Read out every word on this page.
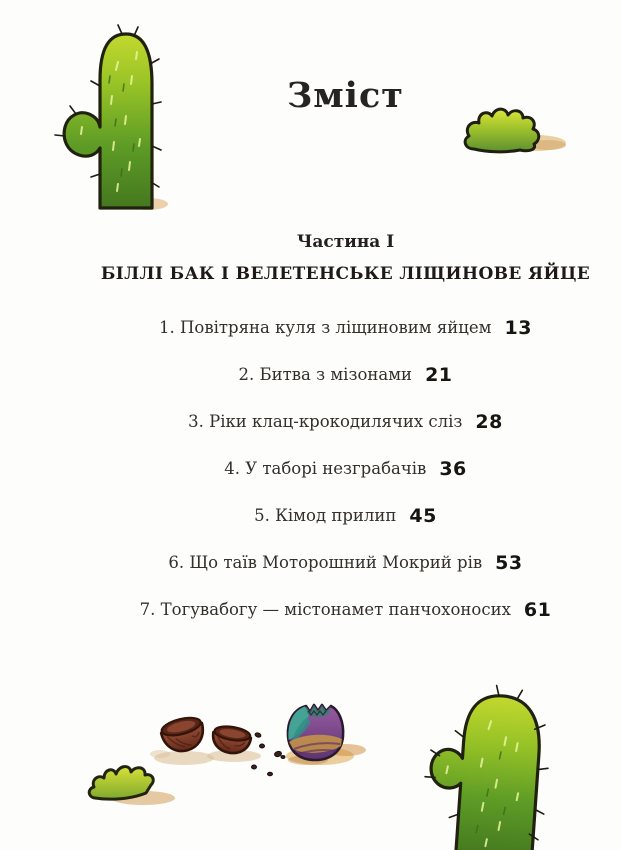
Зміст
Частина I
БІЛЛІ БАК І ВЕЛЕТЕНСЬКЕ ЛІЩИНОВЕ ЯЙЦЕ
1. Повітряна куля з ліщиновим яйцем 13
2. Битва з мізонами 21
3. Ріки клац-крокодилячих сліз 28
4. У таборі незграбачів 36
5. Кімод прилип 45
6. Що таїв Моторошний Мокрий рів 53
7. Тогувабогу — містонамет панчохоносих 61
